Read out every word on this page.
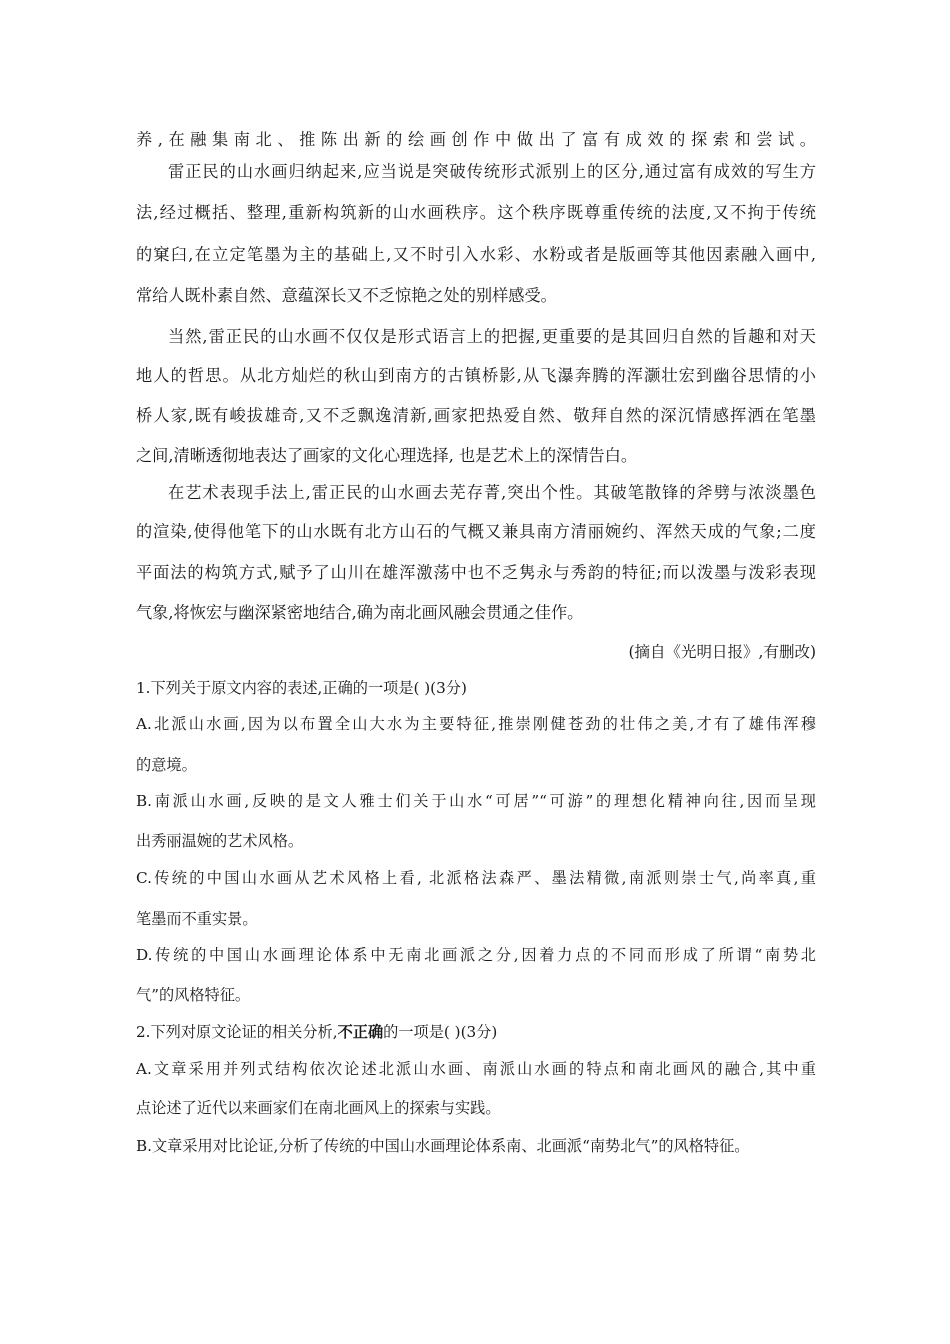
养,在融集南北、推陈出新的绘画创作中做出了富有成效的探索和尝试。
雷正民的山水画归纳起来,应当说是突破传统形式派别上的区分,通过富有成效的写生方
法,经过概括、整理,重新构筑新的山水画秩序。这个秩序既尊重传统的法度,又不拘于传统
的窠臼,在立定笔墨为主的基础上,又不时引入水彩、水粉或者是版画等其他因素融入画中,
常给人既朴素自然、意蕴深长又不乏惊艳之处的别样感受。
当然,雷正民的山水画不仅仅是形式语言上的把握,更重要的是其回归自然的旨趣和对天
地人的哲思。从北方灿烂的秋山到南方的古镇桥影,从飞瀑奔腾的浑灏壮宏到幽谷思情的小
桥人家,既有峻拔雄奇,又不乏飘逸清新,画家把热爱自然、敬拜自然的深沉情感挥洒在笔墨
之间,清晰透彻地表达了画家的文化心理选择, 也是艺术上的深情告白。
在艺术表现手法上,雷正民的山水画去芜存菁,突出个性。其破笔散锋的斧劈与浓淡墨色
的渲染,使得他笔下的山水既有北方山石的气概又兼具南方清丽婉约、浑然天成的气象;二度
平面法的构筑方式,赋予了山川在雄浑激荡中也不乏隽永与秀韵的特征;而以泼墨与泼彩表现
气象,将恢宏与幽深紧密地结合,确为南北画风融会贯通之佳作。
(摘自《光明日报》,有删改)
1.下列关于原文内容的表述,正确的一项是( )(3分)
A.北派山水画,因为以布置全山大水为主要特征,推崇刚健苍劲的壮伟之美,才有了雄伟浑穆
的意境。
B.南派山水画,反映的是文人雅士们关于山水“可居”“可游”的理想化精神向往,因而呈现
出秀丽温婉的艺术风格。
C.传统的中国山水画从艺术风格上看, 北派格法森严、墨法精微,南派则崇士气,尚率真,重
笔墨而不重实景。
D.传统的中国山水画理论体系中无南北画派之分,因着力点的不同而形成了所谓“南势北
气”的风格特征。
2.下列对原文论证的相关分析,不正确的一项是( )(3分)
A.文章采用并列式结构依次论述北派山水画、南派山水画的特点和南北画风的融合,其中重
点论述了近代以来画家们在南北画风上的探索与实践。
B.文章采用对比论证,分析了传统的中国山水画理论体系南、北画派“南势北气”的风格特征。
